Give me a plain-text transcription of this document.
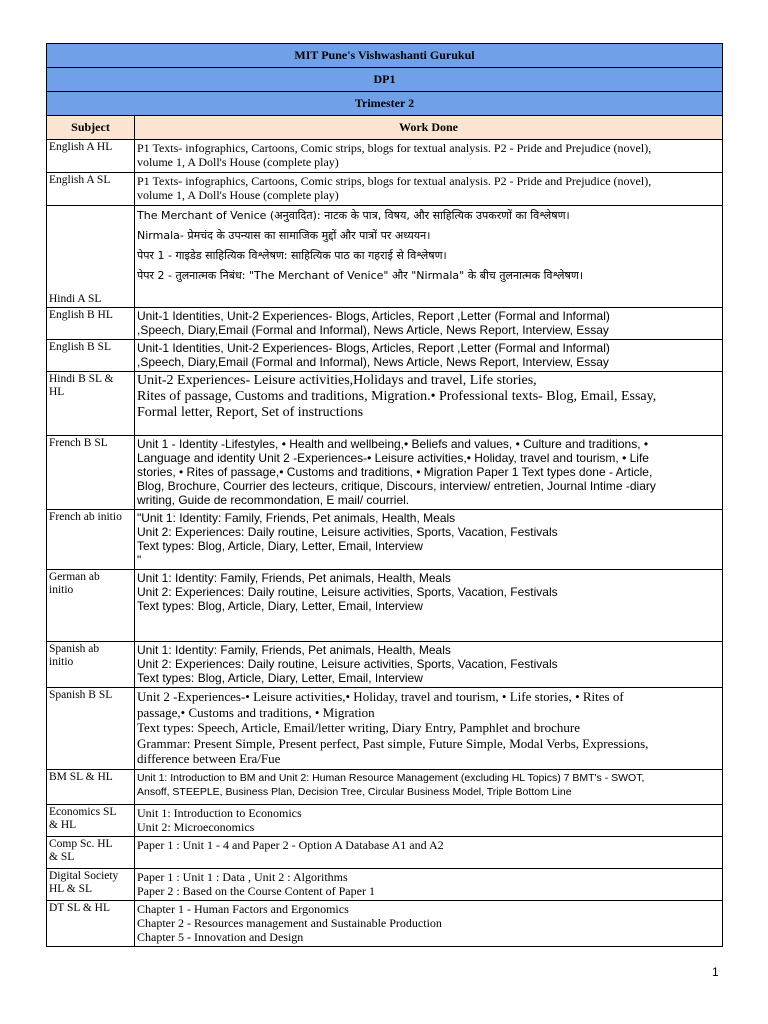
MIT Pune's Vishwashanti Gurukul	
DP1	
Trimester 2	
Subject	Work Done
English A HL	P1 Texts- infographics, Cartoons, Comic strips, blogs for textual analysis. P2 - Pride and Prejudice (novel),
volume 1, A Doll's House (complete play)
English A SL	P1 Texts- infographics, Cartoons, Comic strips, blogs for textual analysis. P2 - Pride and Prejudice (novel),
volume 1, A Doll's House (complete play)
Hindi A SL	The Merchant of Venice (अनुवादित): नाटक के पात्र, विषय, और साहित्यिक उपकरणों का विश्लेषण।
Nirmala- प्रेमचंद के उपन्यास का सामाजिक मुद्दों और पात्रों पर अध्ययन।
पेपर 1 - गाइडेड साहित्यिक विश्लेषण: साहित्यिक पाठ का गहराई से विश्लेषण।
पेपर 2 - तुलनात्मक निबंध: "The Merchant of Venice" और "Nirmala" के बीच तुलनात्मक विश्लेषण।

English B HL	Unit-1 Identities, Unit-2 Experiences- Blogs, Articles, Report ,Letter (Formal and Informal)
,Speech, Diary,Email (Formal and Informal), News Article, News Report, Interview, Essay
English B SL	Unit-1 Identities, Unit-2 Experiences- Blogs, Articles, Report ,Letter (Formal and Informal)
,Speech, Diary,Email (Formal and Informal), News Article, News Report, Interview, Essay
Hindi B SL &
HL	Unit-2 Experiences- Leisure activities,Holidays and travel, Life stories,
Rites of passage, Customs and traditions, Migration.• Professional texts- Blog, Email, Essay,
Formal letter, Report, Set of instructions
French B SL	Unit 1 - Identity -Lifestyles, • Health and wellbeing,• Beliefs and values, • Culture and traditions, •
Language and identity Unit 2 -Experiences-• Leisure activities,• Holiday, travel and tourism, • Life
stories, • Rites of passage,• Customs and traditions, • Migration Paper 1 Text types done - Article,
Blog, Brochure, Courrier des lecteurs, critique, Discours, interview/ entretien, Journal Intime -diary
writing, Guide de recommondation, E mail/ courriel.
French ab initio	"Unit 1: Identity: Family, Friends, Pet animals, Health, Meals
Unit 2: Experiences: Daily routine, Leisure activities, Sports, Vacation, Festivals
Text types: Blog, Article, Diary, Letter, Email, Interview
"
German ab
initio	Unit 1: Identity: Family, Friends, Pet animals, Health, Meals
Unit 2: Experiences: Daily routine, Leisure activities, Sports, Vacation, Festivals
Text types: Blog, Article, Diary, Letter, Email, Interview
Spanish ab
initio	Unit 1: Identity: Family, Friends, Pet animals, Health, Meals
Unit 2: Experiences: Daily routine, Leisure activities, Sports, Vacation, Festivals
Text types: Blog, Article, Diary, Letter, Email, Interview
Spanish B SL	Unit 2 -Experiences-• Leisure activities,• Holiday, travel and tourism, • Life stories, • Rites of
passage,• Customs and traditions, • Migration
Text types: Speech, Article, Email/letter writing, Diary Entry, Pamphlet and brochure
Grammar: Present Simple, Present perfect, Past simple, Future Simple, Modal Verbs, Expressions,
difference between Era/Fue
BM SL & HL	Unit 1: Introduction to BM and Unit 2: Human Resource Management (excluding HL Topics) 7 BMT's - SWOT,
Ansoff, STEEPLE, Business Plan, Decision Tree, Circular Business Model, Triple Bottom Line
Economics SL
& HL	Unit 1: Introduction to Economics
Unit 2: Microeconomics
Comp Sc. HL
& SL	Paper 1 : Unit 1 - 4 and Paper 2 - Option A Database A1 and A2
Digital Society
HL & SL	Paper 1 : Unit 1 : Data , Unit 2 : Algorithms
Paper 2 : Based on the Course Content of Paper 1
DT SL & HL	Chapter 1 - Human Factors and Ergonomics
Chapter 2 - Resources management and Sustainable Production
Chapter 5 - Innovation and Design
1
